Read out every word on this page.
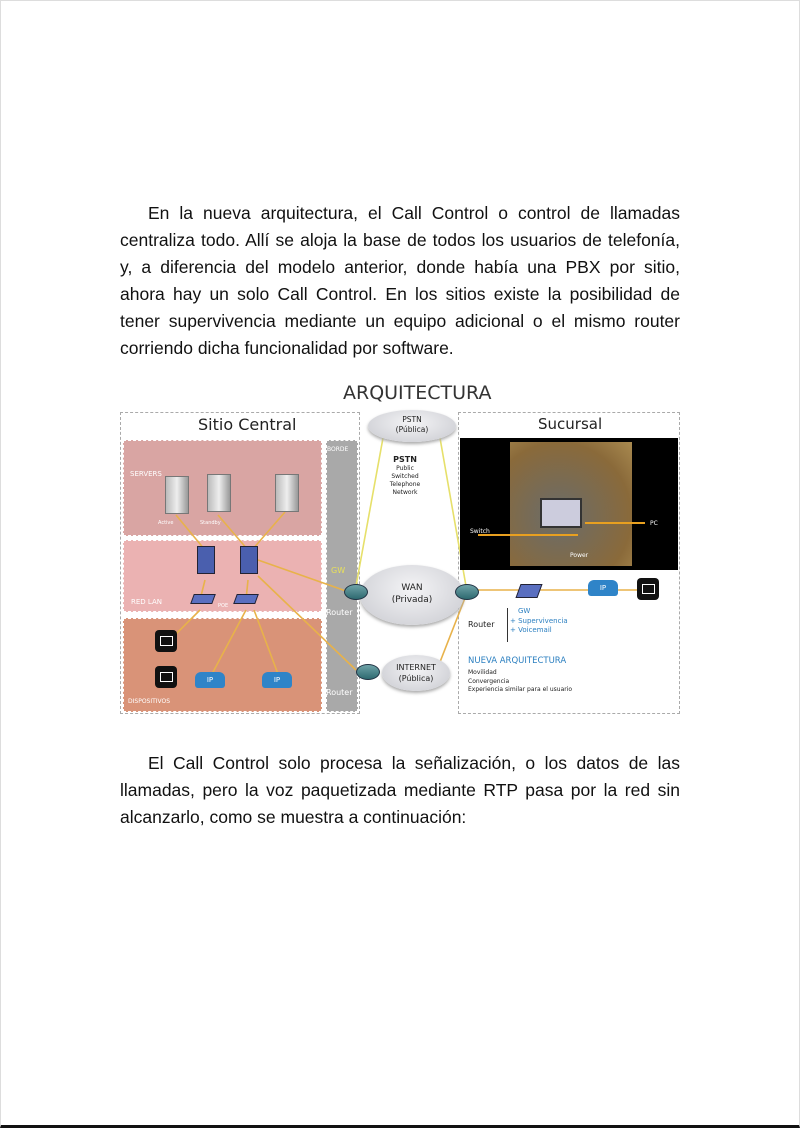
En la nueva arquitectura, el Call Control o control de llamadas centraliza todo. Allí se aloja la base de todos los usuarios de telefonía, y, a diferencia del modelo anterior, donde había una PBX por sitio, ahora hay un solo Call Control. En los sitios existe la posibilidad de tener supervivencia mediante un equipo adicional o el mismo router corriendo dicha funcionalidad por software.

ARQUITECTURA
Sitio Central
SERVERS
Active	Standby
RED LAN	POE
IP	IP
DISPOSITIVOS
BORDE
GW
Router
Router
PSTN
(Pública)
PSTN
Public
Switched
Telephone
Network
WAN
(Privada)
INTERNET
(Pública)
Sucursal
Switch
PC
Power
IP
Router
GW
+ Supervivencia
+ Voicemail
NUEVA ARQUITECTURA
Movilidad
Convergencia
Experiencia similar para el usuario

El Call Control solo procesa la señalización, o los datos de las llamadas, pero la voz paquetizada mediante RTP pasa por la red sin alcanzarlo, como se muestra a continuación:
